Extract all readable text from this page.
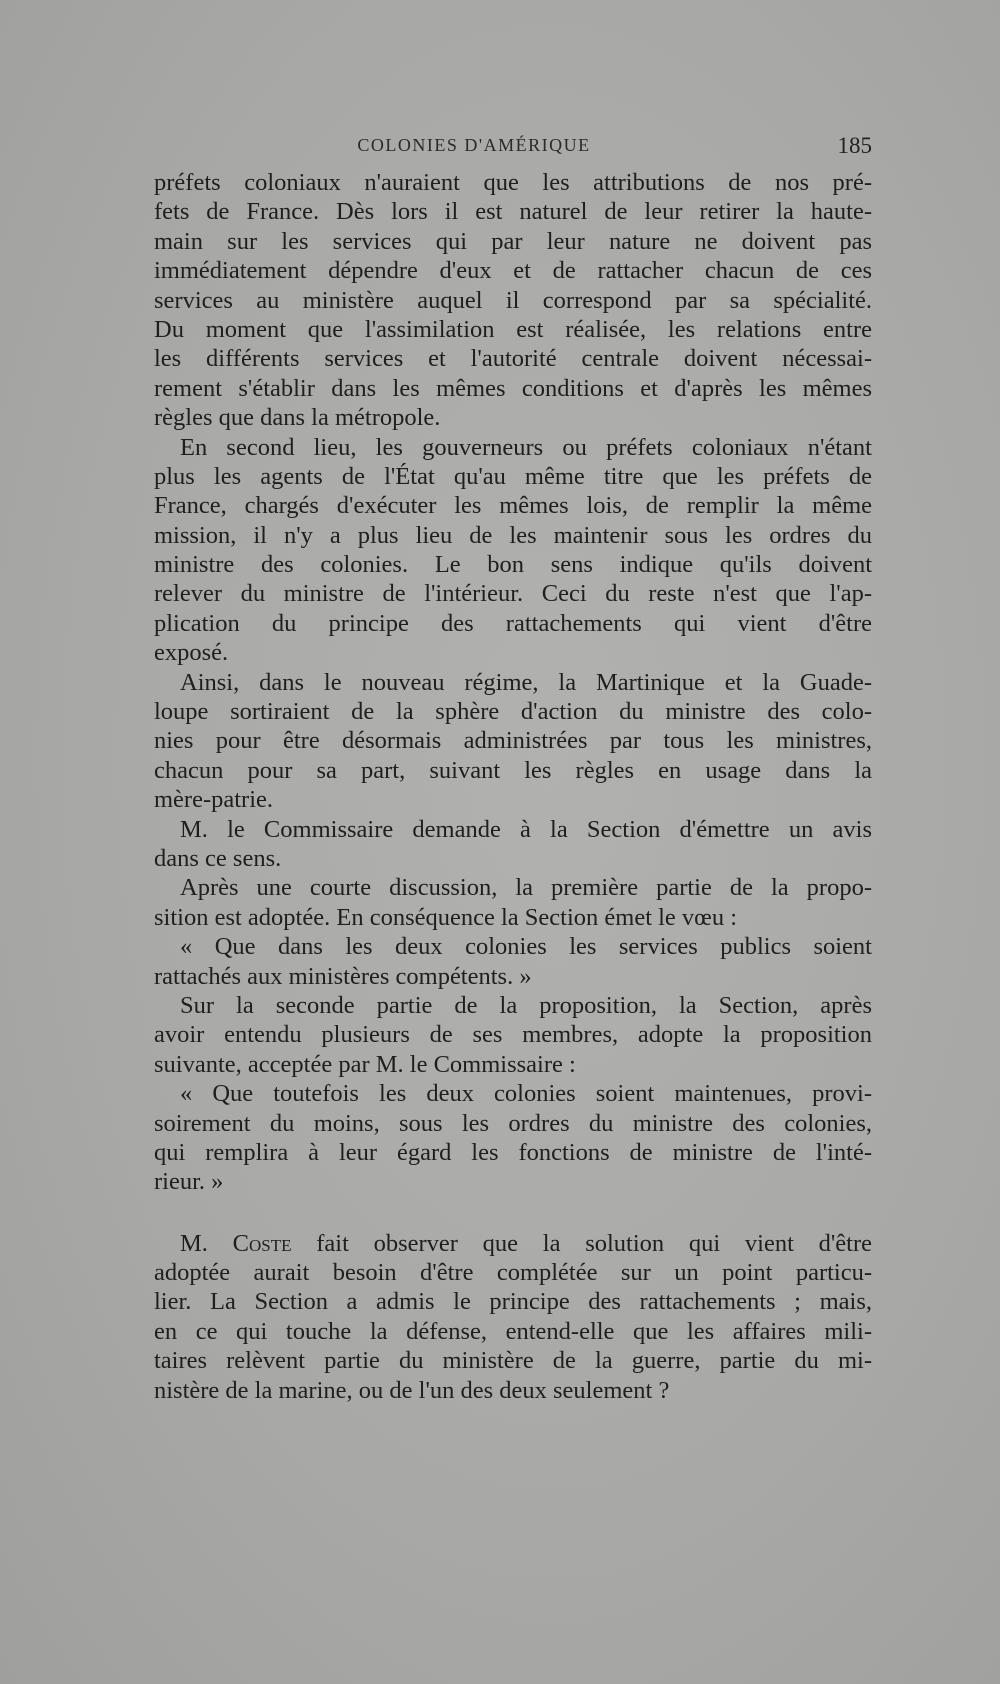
COLONIES D'AMÉRIQUE	185
préfets coloniaux n'auraient que les attributions de nos pré-
fets de France. Dès lors il est naturel de leur retirer la haute-
main sur les services qui par leur nature ne doivent pas
immédiatement dépendre d'eux et de rattacher chacun de ces
services au ministère auquel il correspond par sa spécialité.
Du moment que l'assimilation est réalisée, les relations entre
les différents services et l'autorité centrale doivent nécessai-
rement s'établir dans les mêmes conditions et d'après les mêmes
règles que dans la métropole.
En second lieu, les gouverneurs ou préfets coloniaux n'étant
plus les agents de l'État qu'au même titre que les préfets de
France, chargés d'exécuter les mêmes lois, de remplir la même
mission, il n'y a plus lieu de les maintenir sous les ordres du
ministre des colonies. Le bon sens indique qu'ils doivent
relever du ministre de l'intérieur. Ceci du reste n'est que l'ap-
plication du principe des rattachements qui vient d'être
exposé.
Ainsi, dans le nouveau régime, la Martinique et la Guade-
loupe sortiraient de la sphère d'action du ministre des colo-
nies pour être désormais administrées par tous les ministres,
chacun pour sa part, suivant les règles en usage dans la
mère-patrie.
M. le Commissaire demande à la Section d'émettre un avis
dans ce sens.
Après une courte discussion, la première partie de la propo-
sition est adoptée. En conséquence la Section émet le vœu :
« Que dans les deux colonies les services publics soient
rattachés aux ministères compétents. »
Sur la seconde partie de la proposition, la Section, après
avoir entendu plusieurs de ses membres, adopte la proposition
suivante, acceptée par M. le Commissaire :
« Que toutefois les deux colonies soient maintenues, provi-
soirement du moins, sous les ordres du ministre des colonies,
qui remplira à leur égard les fonctions de ministre de l'inté-
rieur. »
M. Coste fait observer que la solution qui vient d'être
adoptée aurait besoin d'être complétée sur un point particu-
lier. La Section a admis le principe des rattachements ; mais,
en ce qui touche la défense, entend-elle que les affaires mili-
taires relèvent partie du ministère de la guerre, partie du mi-
nistère de la marine, ou de l'un des deux seulement ?
